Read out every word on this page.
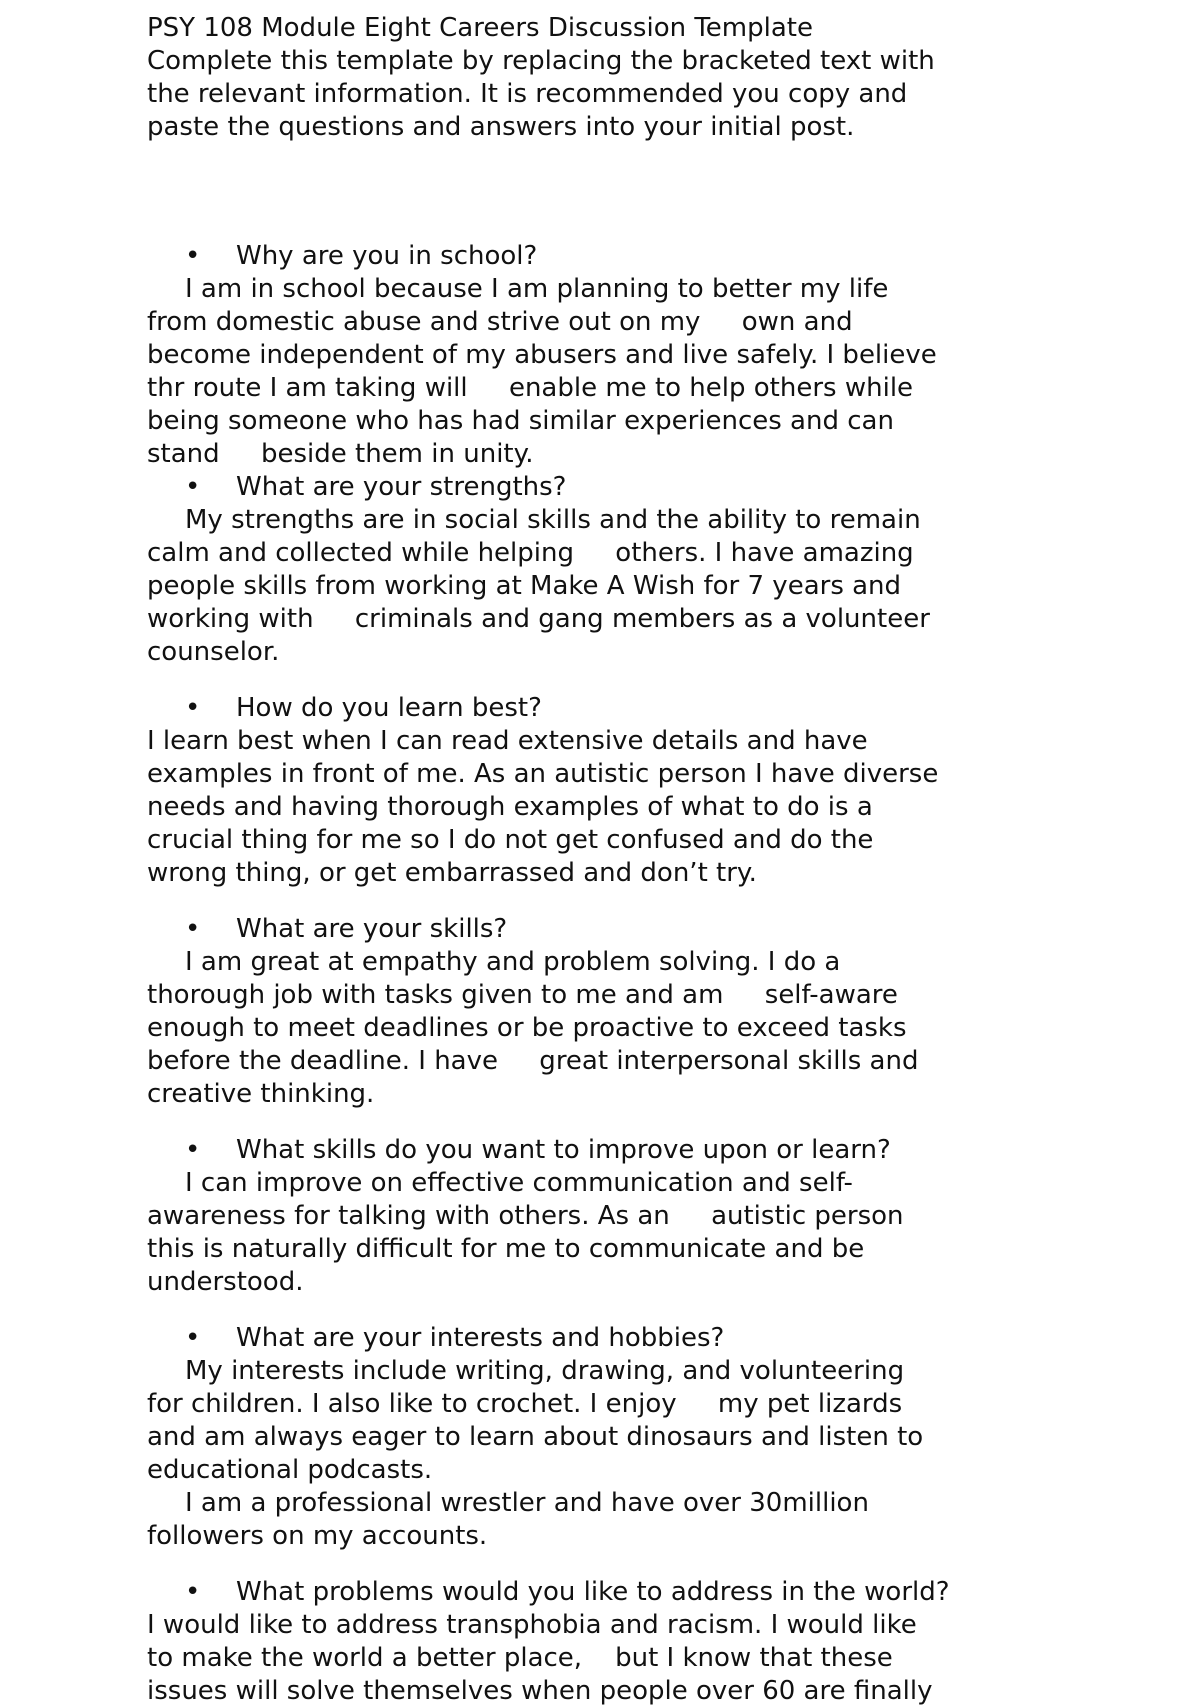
PSY 108 Module Eight Careers Discussion Template
Complete this template by replacing the bracketed text with
the relevant information. It is recommended you copy and
paste the questions and answers into your initial post.
• Why are you in school?
I am in school because I am planning to better my life
from domestic abuse and strive out on my     own and
become independent of my abusers and live safely. I believe
thr route I am taking will     enable me to help others while
being someone who has had similar experiences and can
stand     beside them in unity.
• What are your strengths?
My strengths are in social skills and the ability to remain
calm and collected while helping     others. I have amazing
people skills from working at Make A Wish for 7 years and
working with     criminals and gang members as a volunteer
counselor.
• How do you learn best?
I learn best when I can read extensive details and have
examples in front of me. As an autistic person I have diverse
needs and having thorough examples of what to do is a
crucial thing for me so I do not get confused and do the
wrong thing, or get embarrassed and don’t try.
• What are your skills?
I am great at empathy and problem solving. I do a
thorough job with tasks given to me and am     self-aware
enough to meet deadlines or be proactive to exceed tasks
before the deadline. I have     great interpersonal skills and
creative thinking.
• What skills do you want to improve upon or learn?
I can improve on effective communication and self-
awareness for talking with others. As an     autistic person
this is naturally difficult for me to communicate and be
understood.
• What are your interests and hobbies?
My interests include writing, drawing, and volunteering
for children. I also like to crochet. I enjoy     my pet lizards
and am always eager to learn about dinosaurs and listen to
educational podcasts.
I am a professional wrestler and have over 30million
followers on my accounts.
• What problems would you like to address in the world?
I would like to address transphobia and racism. I would like
to make the world a better place,    but I know that these
issues will solve themselves when people over 60 are finally
